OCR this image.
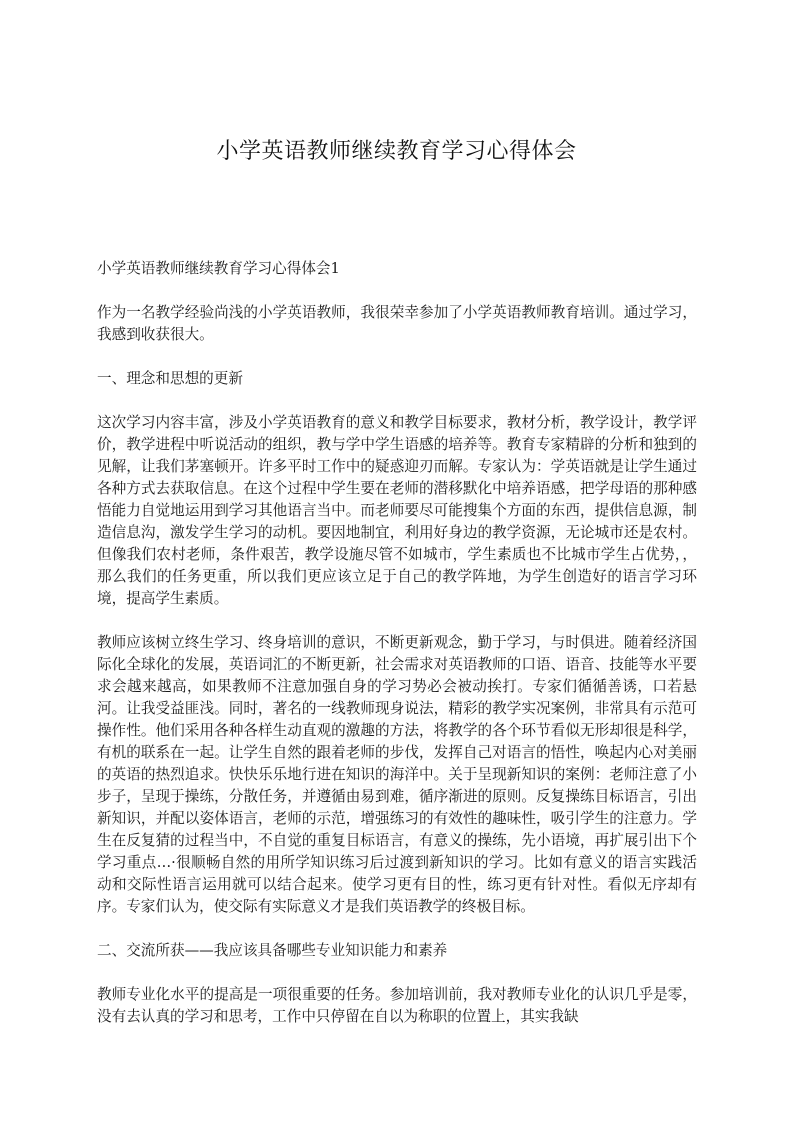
小学英语教师继续教育学习心得体会

小学英语教师继续教育学习心得体会1

作为一名教学经验尚浅的小学英语教师，我很荣幸参加了小学英语教师教育培训。通过学习，我感到收获很大。

一、理念和思想的更新

这次学习内容丰富，涉及小学英语教育的意义和教学目标要求，教材分析，教学设计，教学评价，教学进程中听说活动的组织，教与学中学生语感的培养等。教育专家精辟的分析和独到的见解，让我们茅塞顿开。许多平时工作中的疑惑迎刃而解。专家认为：学英语就是让学生通过各种方式去获取信息。在这个过程中学生要在老师的潜移默化中培养语感，把学母语的那种感悟能力自觉地运用到学习其他语言当中。而老师要尽可能搜集个方面的东西，提供信息源，制造信息沟，激发学生学习的动机。要因地制宜，利用好身边的教学资源，无论城市还是农村。但像我们农村老师，条件艰苦，教学设施尽管不如城市，学生素质也不比城市学生占优势，，那么我们的任务更重，所以我们更应该立足于自己的教学阵地，为学生创造好的语言学习环境，提高学生素质。

教师应该树立终生学习、终身培训的意识，不断更新观念，勤于学习，与时俱进。随着经济国际化全球化的发展，英语词汇的不断更新，社会需求对英语教师的口语、语音、技能等水平要求会越来越高，如果教师不注意加强自身的学习势必会被动挨打。专家们循循善诱，口若悬河。让我受益匪浅。同时，著名的一线教师现身说法，精彩的教学实况案例，非常具有示范可操作性。他们采用各种各样生动直观的激趣的方法，将教学的各个环节看似无形却很是科学，有机的联系在一起。让学生自然的跟着老师的步伐，发挥自己对语言的悟性，唤起内心对美丽的英语的热烈追求。快快乐乐地行进在知识的海洋中。关于呈现新知识的案例：老师注意了小步子，呈现于操练，分散任务，并遵循由易到难，循序渐进的原则。反复操练目标语言，引出新知识，并配以姿体语言，老师的示范，增强练习的有效性的趣味性，吸引学生的注意力。学生在反复猜的过程当中，不自觉的重复目标语言，有意义的操练，先小语境，再扩展引出下个学习重点…·很顺畅自然的用所学知识练习后过渡到新知识的学习。比如有意义的语言实践活动和交际性语言运用就可以结合起来。使学习更有目的性，练习更有针对性。看似无序却有序。专家们认为，使交际有实际意义才是我们英语教学的终极目标。

二、交流所获——我应该具备哪些专业知识能力和素养

教师专业化水平的提高是一项很重要的任务。参加培训前，我对教师专业化的认识几乎是零，没有去认真的学习和思考，工作中只停留在自以为称职的位置上，其实我缺
